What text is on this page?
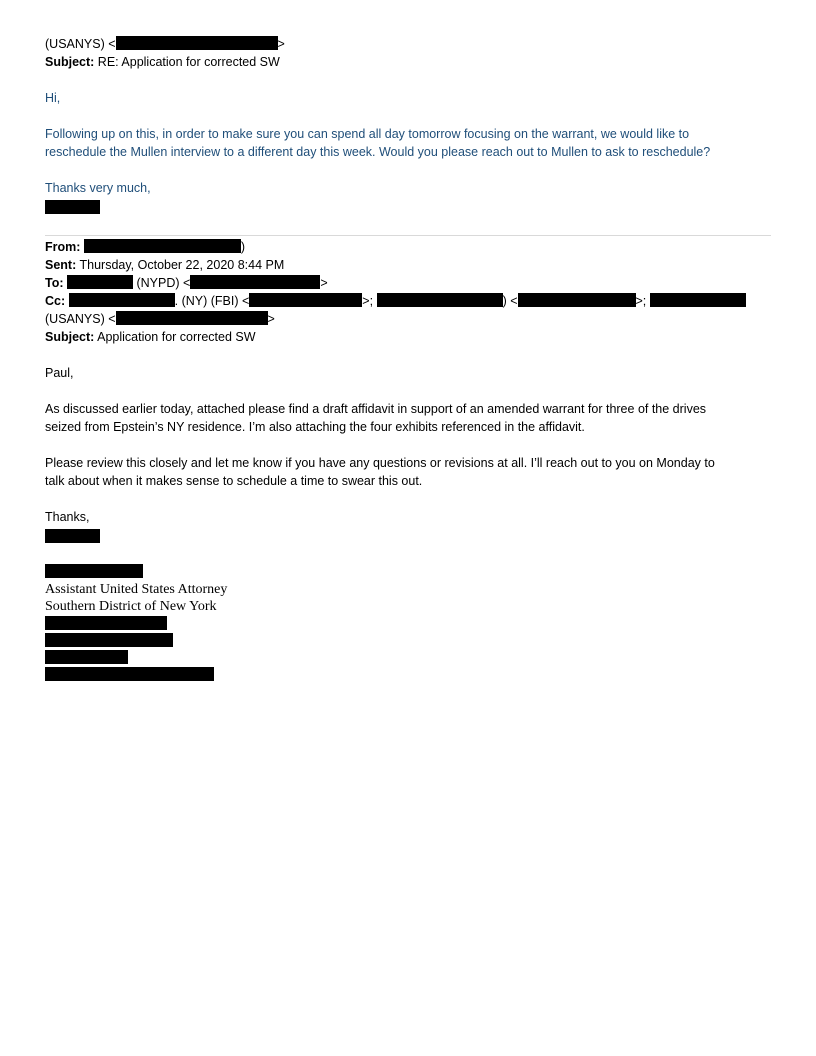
(USANYS) <	>
Subject: RE: Application for corrected SW
Hi,
Following up on this, in order to make sure you can spend all day tomorrow focusing on the warrant, we would like to
reschedule the Mullen interview to a different day this week. Would you please reach out to Mullen to ask to reschedule?
Thanks very much,
From:	)
Sent: Thursday, October 22, 2020 8:44 PM
To:	(NYPD) <	>
Cc:	. (NY) (FBI) <	>;	) <	>;
(USANYS) <	>
Subject: Application for corrected SW
Paul,
As discussed earlier today, attached please find a draft affidavit in support of an amended warrant for three of the drives
seized from Epstein’s NY residence. I’m also attaching the four exhibits referenced in the affidavit.
Please review this closely and let me know if you have any questions or revisions at all. I’ll reach out to you on Monday to
talk about when it makes sense to schedule a time to swear this out.
Thanks,
Assistant United States Attorney
Southern District of New York
